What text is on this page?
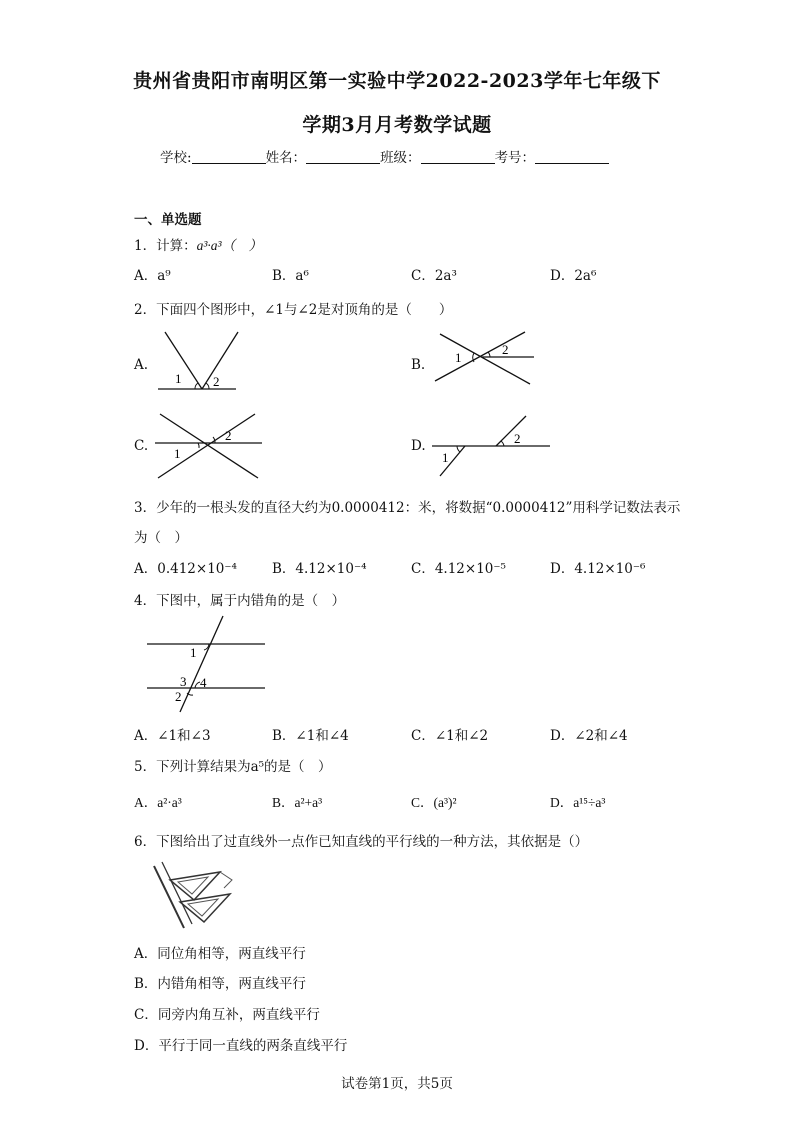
贵州省贵阳市南明区第一实验中学2022-2023学年七年级下
学期3月月考数学试题
学校:	姓名：	班级：	考号：
一、单选题
1．计算：a³·a³（　）
A．a⁹	B．a⁶	C．2a³	D．2a⁶
2．下面四个图形中，∠1与∠2是对顶角的是（　　）
A.
1 2
B. 1
2
C. 1
2
D.
1
2
3．少年的一根头发的直径大约为0.0000412：米，将数据“0.0000412”用科学记数法表示
为（　）
A．0.412×10⁻⁴	B．4.12×10⁻⁴	C．4.12×10⁻⁵	D．4.12×10⁻⁶
4．下图中，属于内错角的是（　）
1
3 4
2
A．∠1和∠3	B．∠1和∠4	C．∠1和∠2	D．∠2和∠4
5．下列计算结果为a⁵的是（　）
A．a²·a³	B．a²+a³	C．(a³)²	D．a¹⁵÷a³
6．下图给出了过直线外一点作已知直线的平行线的一种方法，其依据是（）
A．同位角相等，两直线平行
B．内错角相等，两直线平行
C．同旁内角互补，两直线平行
D．平行于同一直线的两条直线平行
试卷第1页，共5页
